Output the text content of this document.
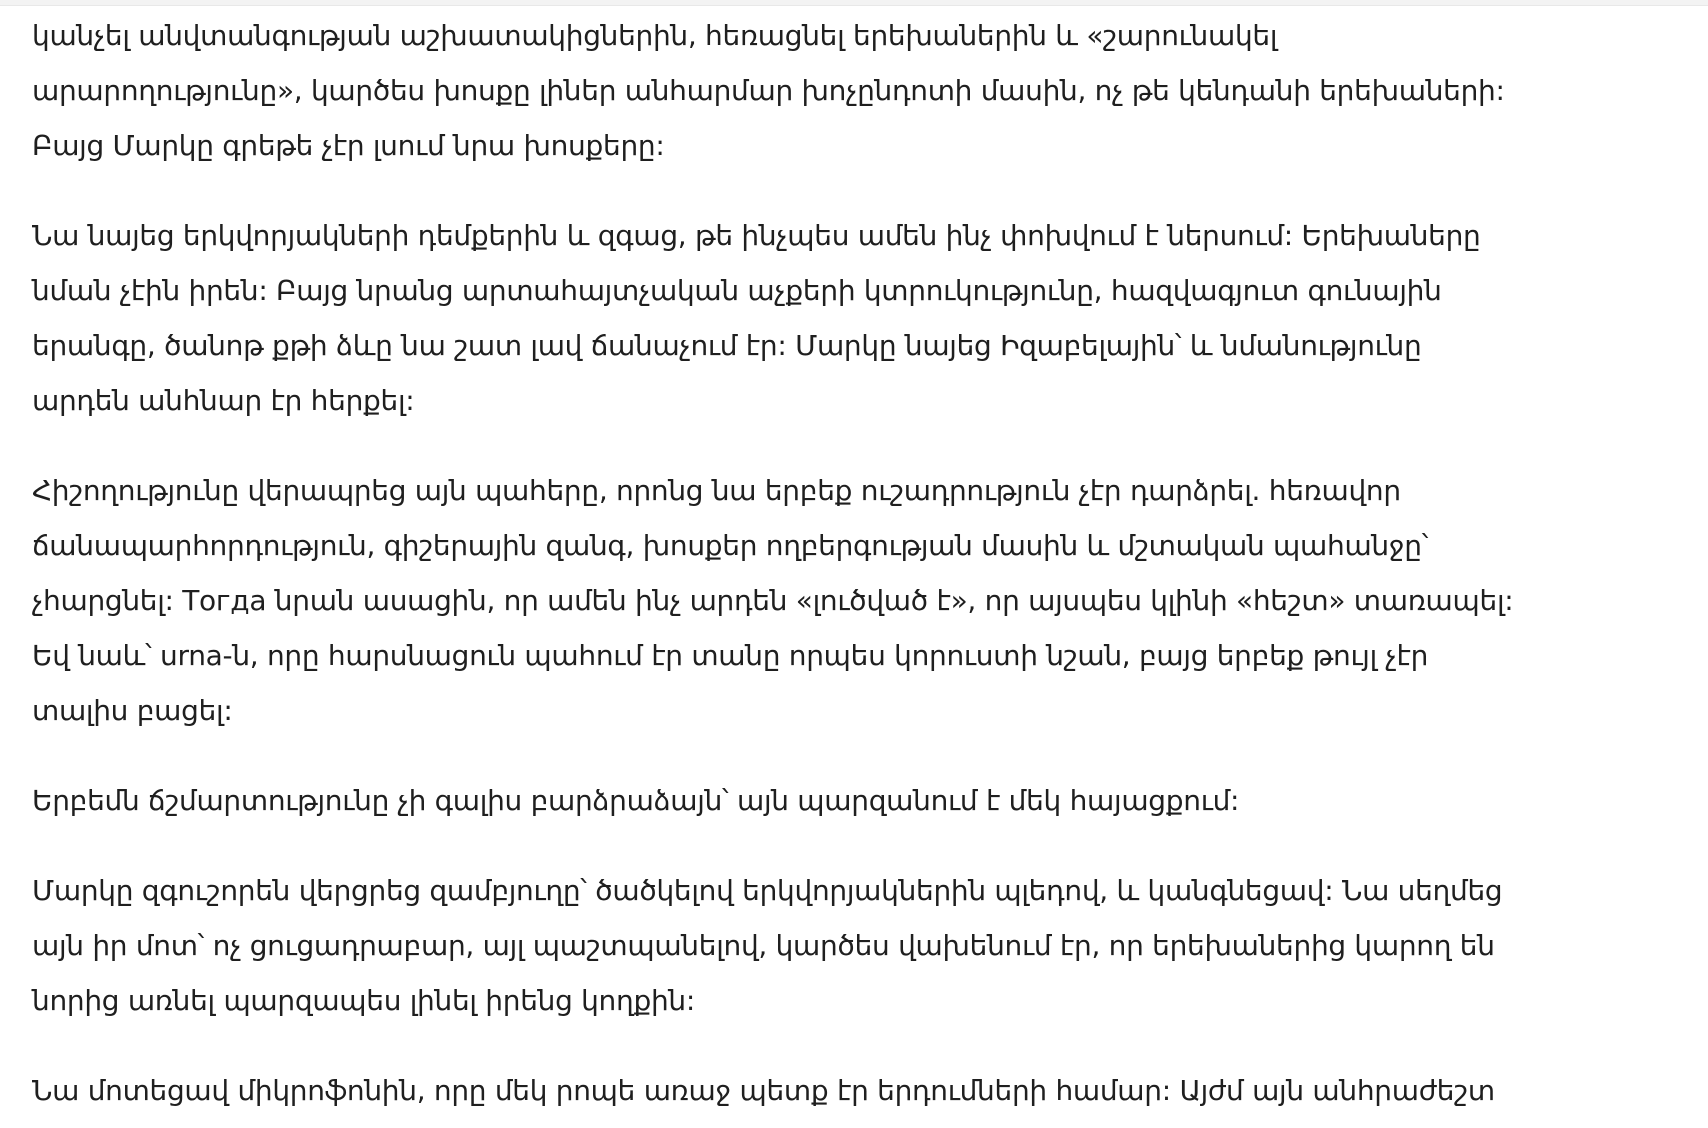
կանչել անվտանգության աշխատակիցներին, հեռացնել երեխաներին և «շարունակել
արարողությունը», կարծես խոսքը լիներ անհարմար խոչընդոտի մասին, ոչ թե կենդանի երեխաների:
Բայց Մարկը գրեթե չէր լսում նրա խոսքերը:

Նա նայեց երկվորյակների դեմքերին և զգաց, թե ինչպես ամեն ինչ փոխվում է ներսում: Երեխաները
նման չէին իրեն: Բայց նրանց արտահայտչական աչքերի կտրուկությունը, հազվագյուտ գունային
երանգը, ծանոթ քթի ձևը նա շատ լավ ճանաչում էր: Մարկը նայեց Իզաբելային՝ և նմանությունը
արդեն անհնար էր հերքել:

Հիշողությունը վերապրեց այն պահերը, որոնց նա երբեք ուշադրություն չէր դարձրել. հեռավոր
ճանապարհորդություն, գիշերային զանգ, խոսքեր ողբերգության մասին և մշտական պահանջը՝
չհարցնել: Тогда նրան ասացին, որ ամեն ինչ արդեն «լուծված է», որ այսպես կլինի «հեշտ» տառապել:
Եվ նաև՝ urna-ն, որը հարսնացուն պահում էր տանը որպես կորուստի նշան, բայց երբեք թույլ չէր
տալիս բացել:

Երբեմն ճշմարտությունը չի գալիս բարձրաձայն՝ այն պարզանում է մեկ հայացքում:

Մարկը զգուշորեն վերցրեց զամբյուղը՝ ծածկելով երկվորյակներին պլեդով, և կանգնեցավ: Նա սեղմեց
այն իր մոտ՝ ոչ ցուցադրաբար, այլ պաշտպանելով, կարծես վախենում էր, որ երեխաներից կարող են
նորից առնել պարզապես լինել իրենց կողքին:

Նա մոտեցավ միկրոֆոնին, որը մեկ րոպե առաջ պետք էր երդումների համար: Այժմ այն անհրաժեշտ
